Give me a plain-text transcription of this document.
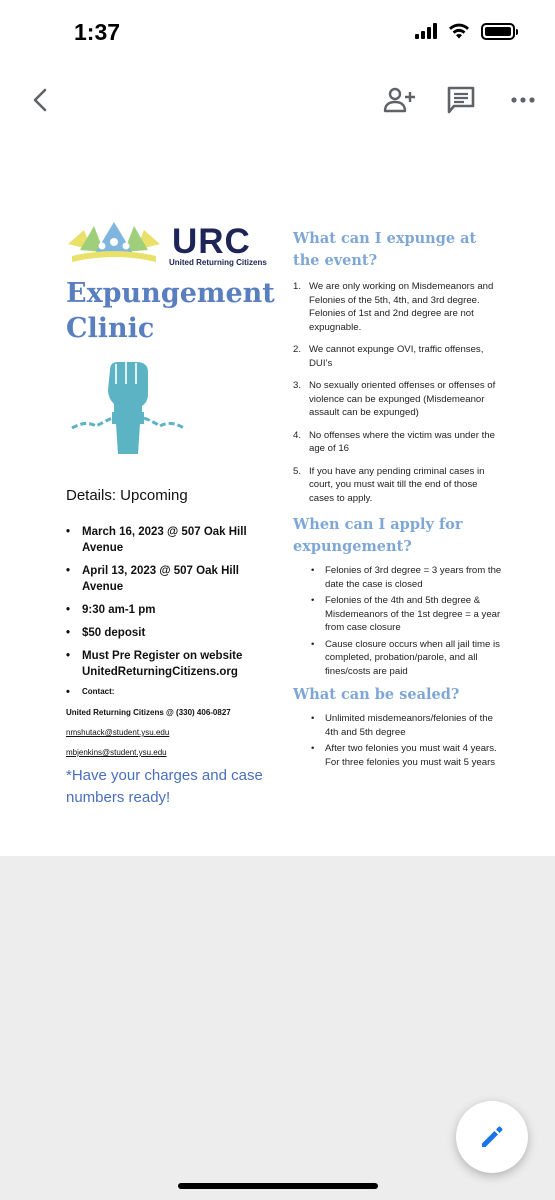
1:37
URC
United Returning Citizens
Expungement
Clinic
Details: Upcoming
• March 16, 2023 @ 507 Oak Hill Avenue
• April 13, 2023 @ 507 Oak Hill Avenue
• 9:30 am-1 pm
• $50 deposit
• Must Pre Register on website UnitedReturningCitizens.org
• Contact:
United Returning Citizens @ (330) 406-0827
nmshutack@student.ysu.edu
mbjenkins@student.ysu.edu
*Have your charges and case numbers ready!
What can I expunge at the event?
1. We are only working on Misdemeanors and Felonies of the 5th, 4th, and 3rd degree. Felonies of 1st and 2nd degree are not expugnable.
2. We cannot expunge OVI, traffic offenses, DUI’s
3. No sexually oriented offenses or offenses of violence can be expunged (Misdemeanor assault can be expunged)
4. No offenses where the victim was under the age of 16
5. If you have any pending criminal cases in court, you must wait till the end of those cases to apply.
When can I apply for expungement?
• Felonies of 3rd degree = 3 years from the date the case is closed
• Felonies of the 4th and 5th degree & Misdemeanors of the 1st degree = a year from case closure
• Cause closure occurs when all jail time is completed, probation/parole, and all fines/costs are paid
What can be sealed?
• Unlimited misdemeanors/felonies of the 4th and 5th degree
• After two felonies you must wait 4 years. For three felonies you must wait 5 years
